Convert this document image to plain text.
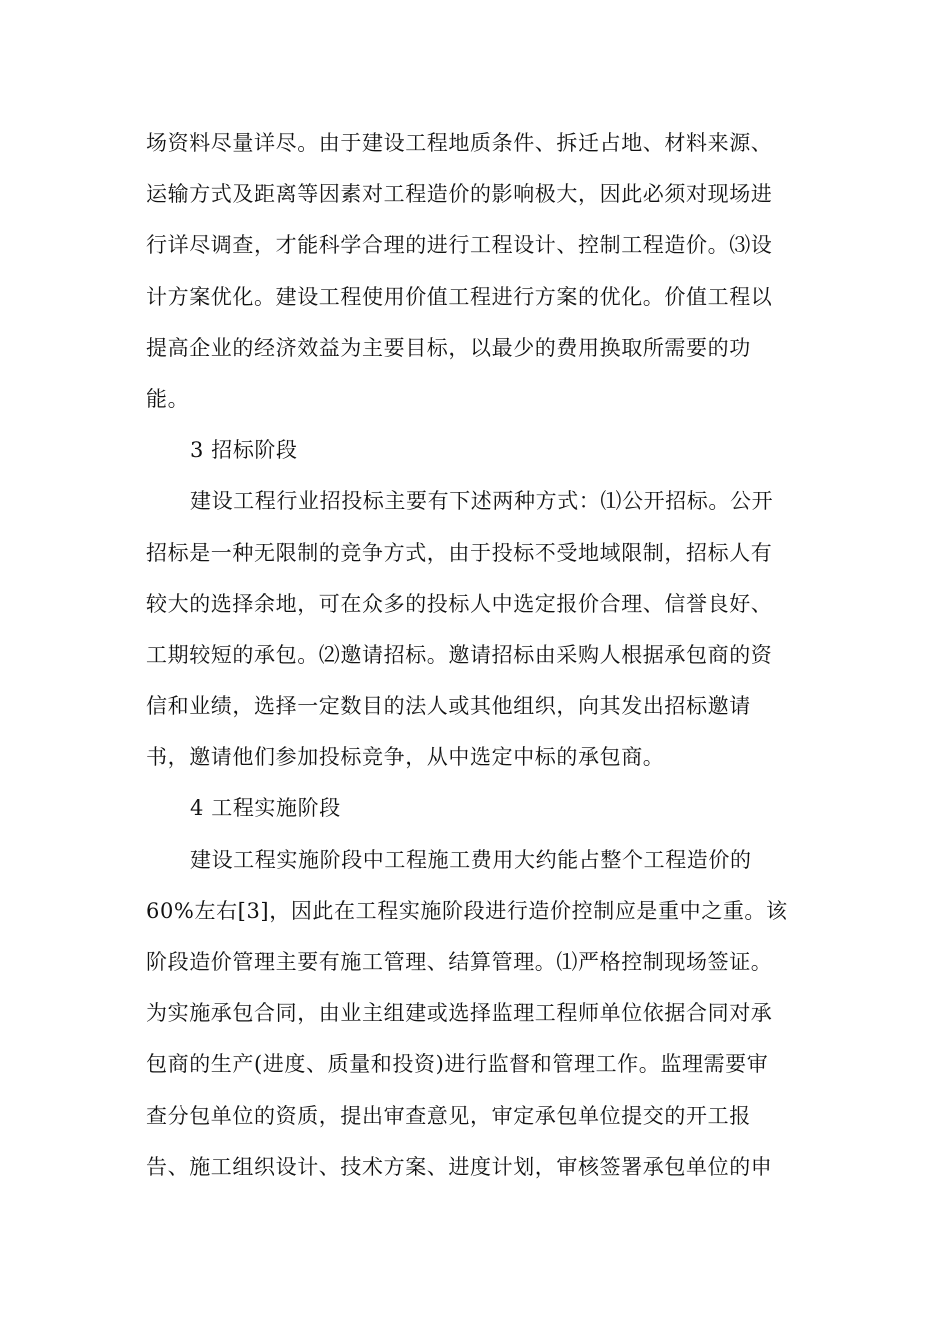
场资料尽量详尽。由于建设工程地质条件、拆迁占地、材料来源、
运输方式及距离等因素对工程造价的影响极大，因此必须对现场进
行详尽调查，才能科学合理的进行工程设计、控制工程造价。⑶设
计方案优化。建设工程使用价值工程进行方案的优化。价值工程以
提高企业的经济效益为主要目标，以最少的费用换取所需要的功
能。
3 招标阶段
建设工程行业招投标主要有下述两种方式：⑴公开招标。公开
招标是一种无限制的竞争方式，由于投标不受地域限制，招标人有
较大的选择余地，可在众多的投标人中选定报价合理、信誉良好、
工期较短的承包。⑵邀请招标。邀请招标由采购人根据承包商的资
信和业绩，选择一定数目的法人或其他组织，向其发出招标邀请
书，邀请他们参加投标竞争，从中选定中标的承包商。
4 工程实施阶段
建设工程实施阶段中工程施工费用大约能占整个工程造价的
60%左右[3]，因此在工程实施阶段进行造价控制应是重中之重。该
阶段造价管理主要有施工管理、结算管理。⑴严格控制现场签证。
为实施承包合同，由业主组建或选择监理工程师单位依据合同对承
包商的生产(进度、质量和投资)进行监督和管理工作。监理需要审
查分包单位的资质，提出审查意见，审定承包单位提交的开工报
告、施工组织设计、技术方案、进度计划，审核签署承包单位的申
